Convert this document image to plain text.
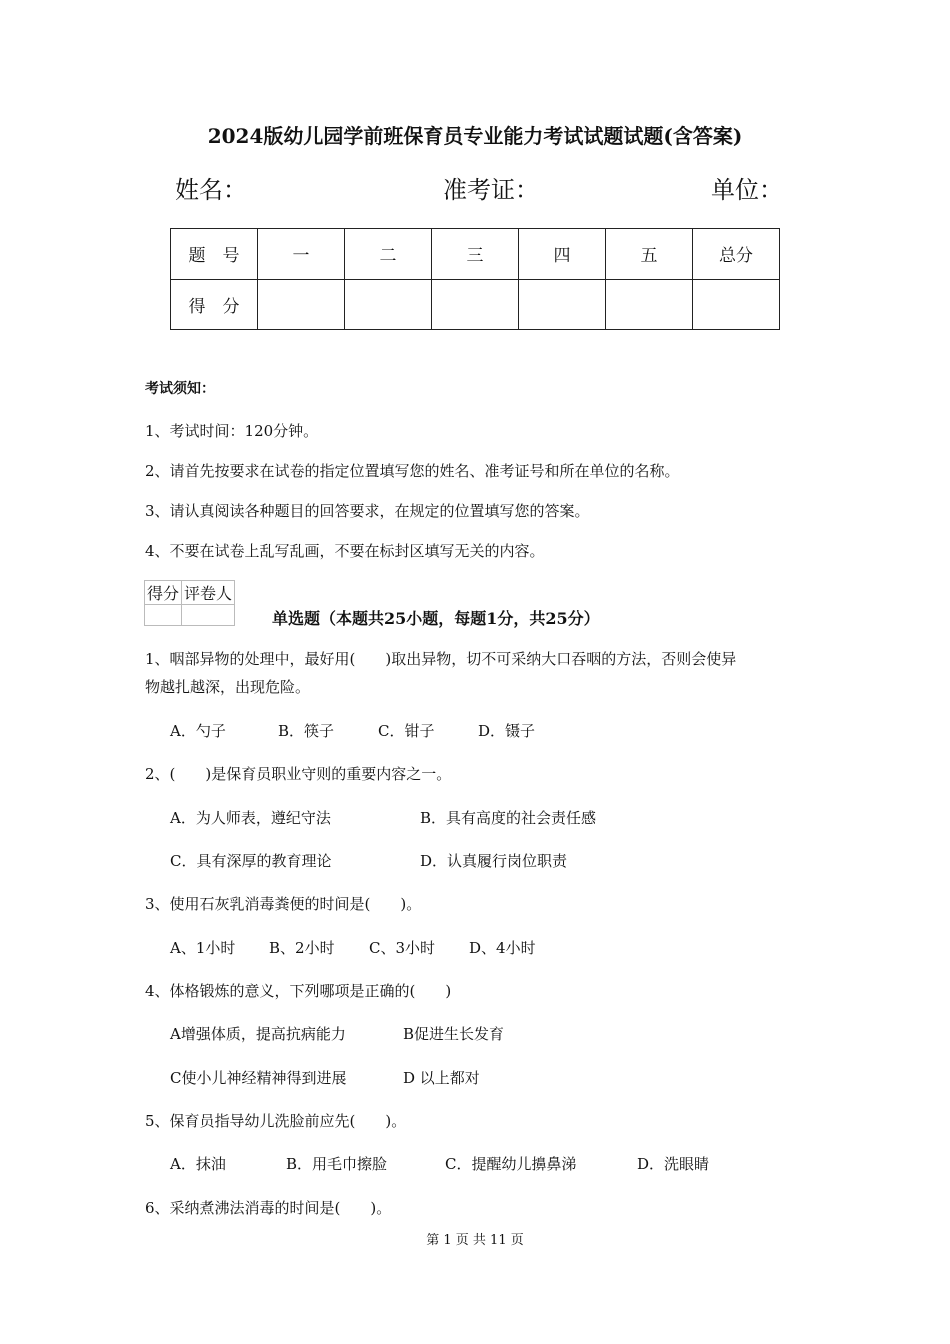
2024版幼儿园学前班保育员专业能力考试试题试题(含答案)
姓名：	准考证：	单位：
题　号	一	二	三	四	五	总分
得　分						
考试须知：
1、考试时间：120分钟。
2、请首先按要求在试卷的指定位置填写您的姓名、准考证号和所在单位的名称。
3、请认真阅读各种题目的回答要求，在规定的位置填写您的答案。
4、不要在试卷上乱写乱画，不要在标封区填写无关的内容。
得分	评卷人

单选题（本题共25小题，每题1分，共25分）
1、咽部异物的处理中，最好用(　　)取出异物，切不可采纳大口吞咽的方法，否则会使异
物越扎越深，出现危险。
A．勺子	B．筷子	C．钳子	D．镊子
2、(　　)是保育员职业守则的重要内容之一。
A．为人师表，遵纪守法	B．具有高度的社会责任感
C．具有深厚的教育理论	D．认真履行岗位职责
3、使用石灰乳消毒粪便的时间是(　　)。
A、1小时 B、2小时 C、3小时 D、4小时
4、体格锻炼的意义，下列哪项是正确的(　　)
A增强体质，提高抗病能力	B促进生长发育
C使小儿神经精神得到进展	D 以上都对
5、保育员指导幼儿洗脸前应先(　　)。
A．抹油	B．用毛巾擦脸	C．提醒幼儿擤鼻涕	D．洗眼睛
6、采纳煮沸法消毒的时间是(　　)。
第 1 页 共 11 页
